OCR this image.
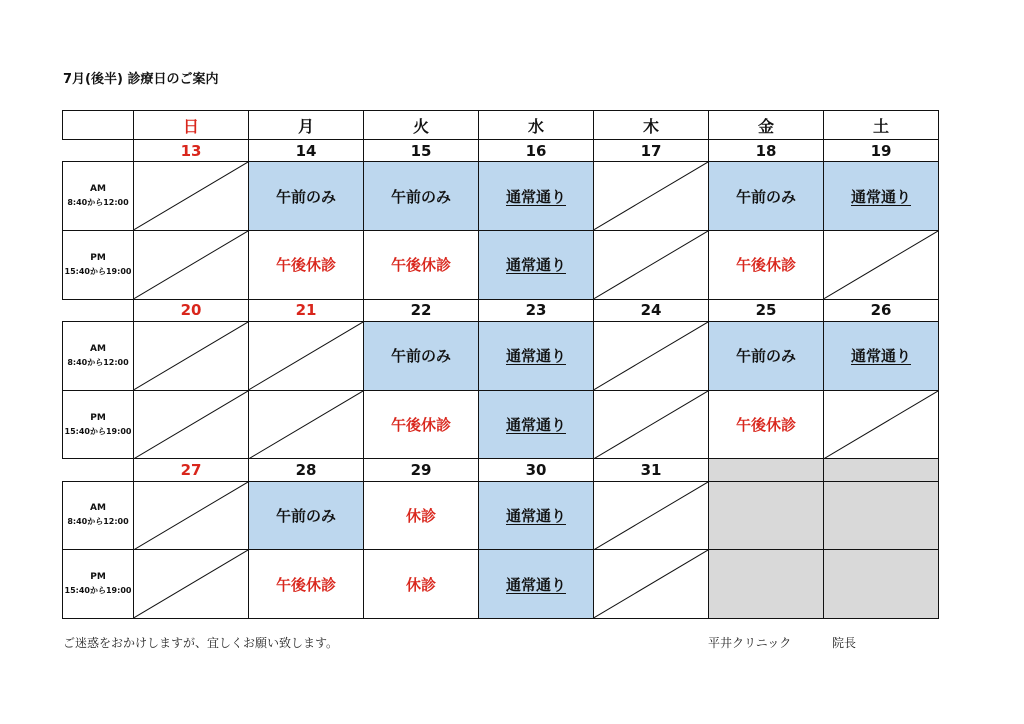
7月(後半) 診療日のご案内
	日	月	火	水	木	金	土
	13	14	15	16	17	18	19

AM
8:40から12:00		午前のみ	午前のみ	通常通り		午前のみ	通常通り

PM
15:40から19:00		午後休診	午後休診	通常通り		午後休診	

	20	21	22	23	24	25	26

AM
8:40から12:00			午前のみ	通常通り		午前のみ	通常通り

PM
15:40から19:00			午後休診	通常通り		午後休診	

	27	28	29	30	31		

AM
8:40から12:00		午前のみ	休診	通常通り	

PM
15:40から19:00		午後休診	休診	通常通り	

ご迷惑をおかけしますが、宜しくお願い致します。	平井クリニック	院長
